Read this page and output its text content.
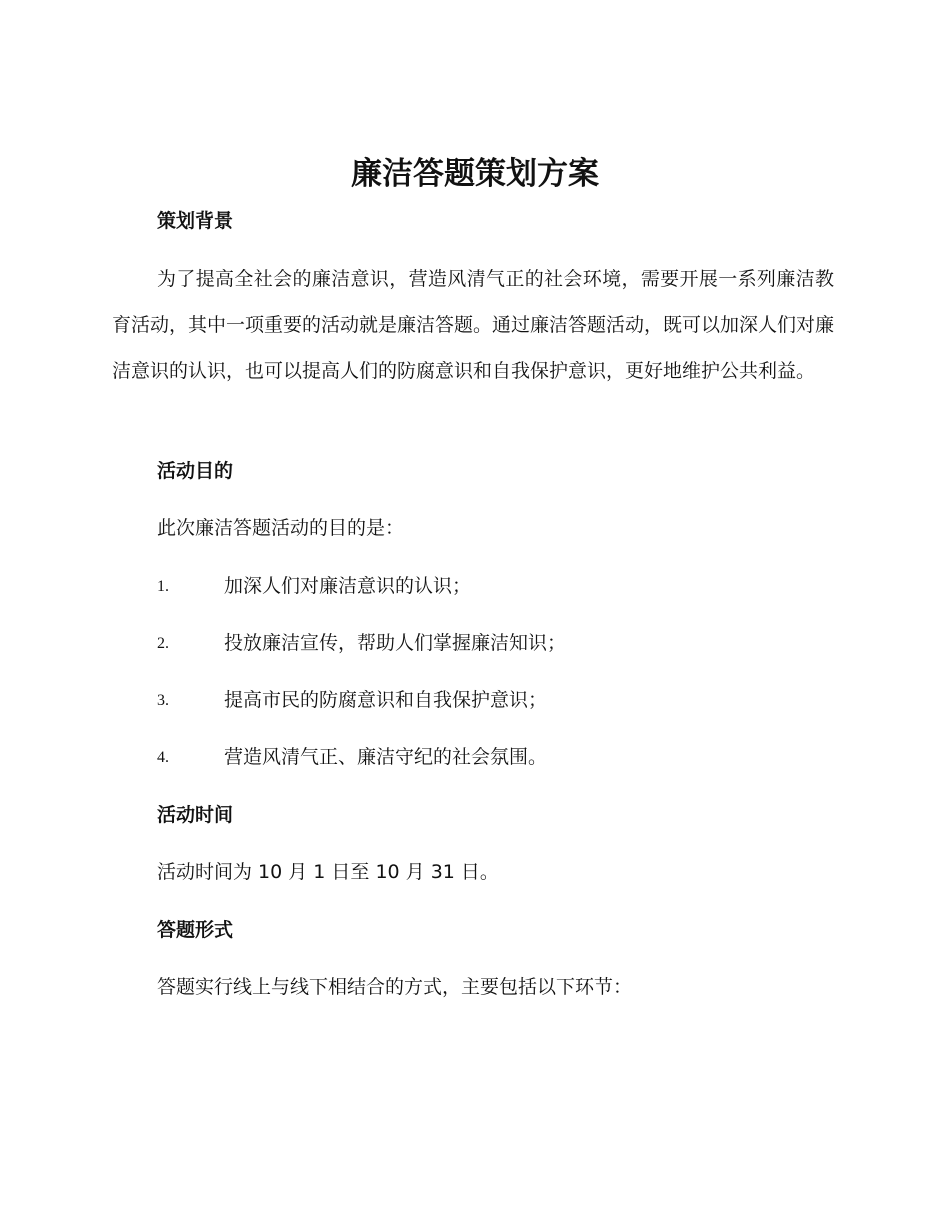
廉洁答题策划方案
策划背景
为了提高全社会的廉洁意识，营造风清气正的社会环境，需要开展一系列廉洁教育活动，其中一项重要的活动就是廉洁答题。通过廉洁答题活动，既可以加深人们对廉洁意识的认识，也可以提高人们的防腐意识和自我保护意识，更好地维护公共利益。
活动目的
此次廉洁答题活动的目的是：
1.	加深人们对廉洁意识的认识；
2.	投放廉洁宣传，帮助人们掌握廉洁知识；
3.	提高市民的防腐意识和自我保护意识；
4.	营造风清气正、廉洁守纪的社会氛围。
活动时间
活动时间为 10 月 1 日至 10 月 31 日。
答题形式
答题实行线上与线下相结合的方式，主要包括以下环节：
